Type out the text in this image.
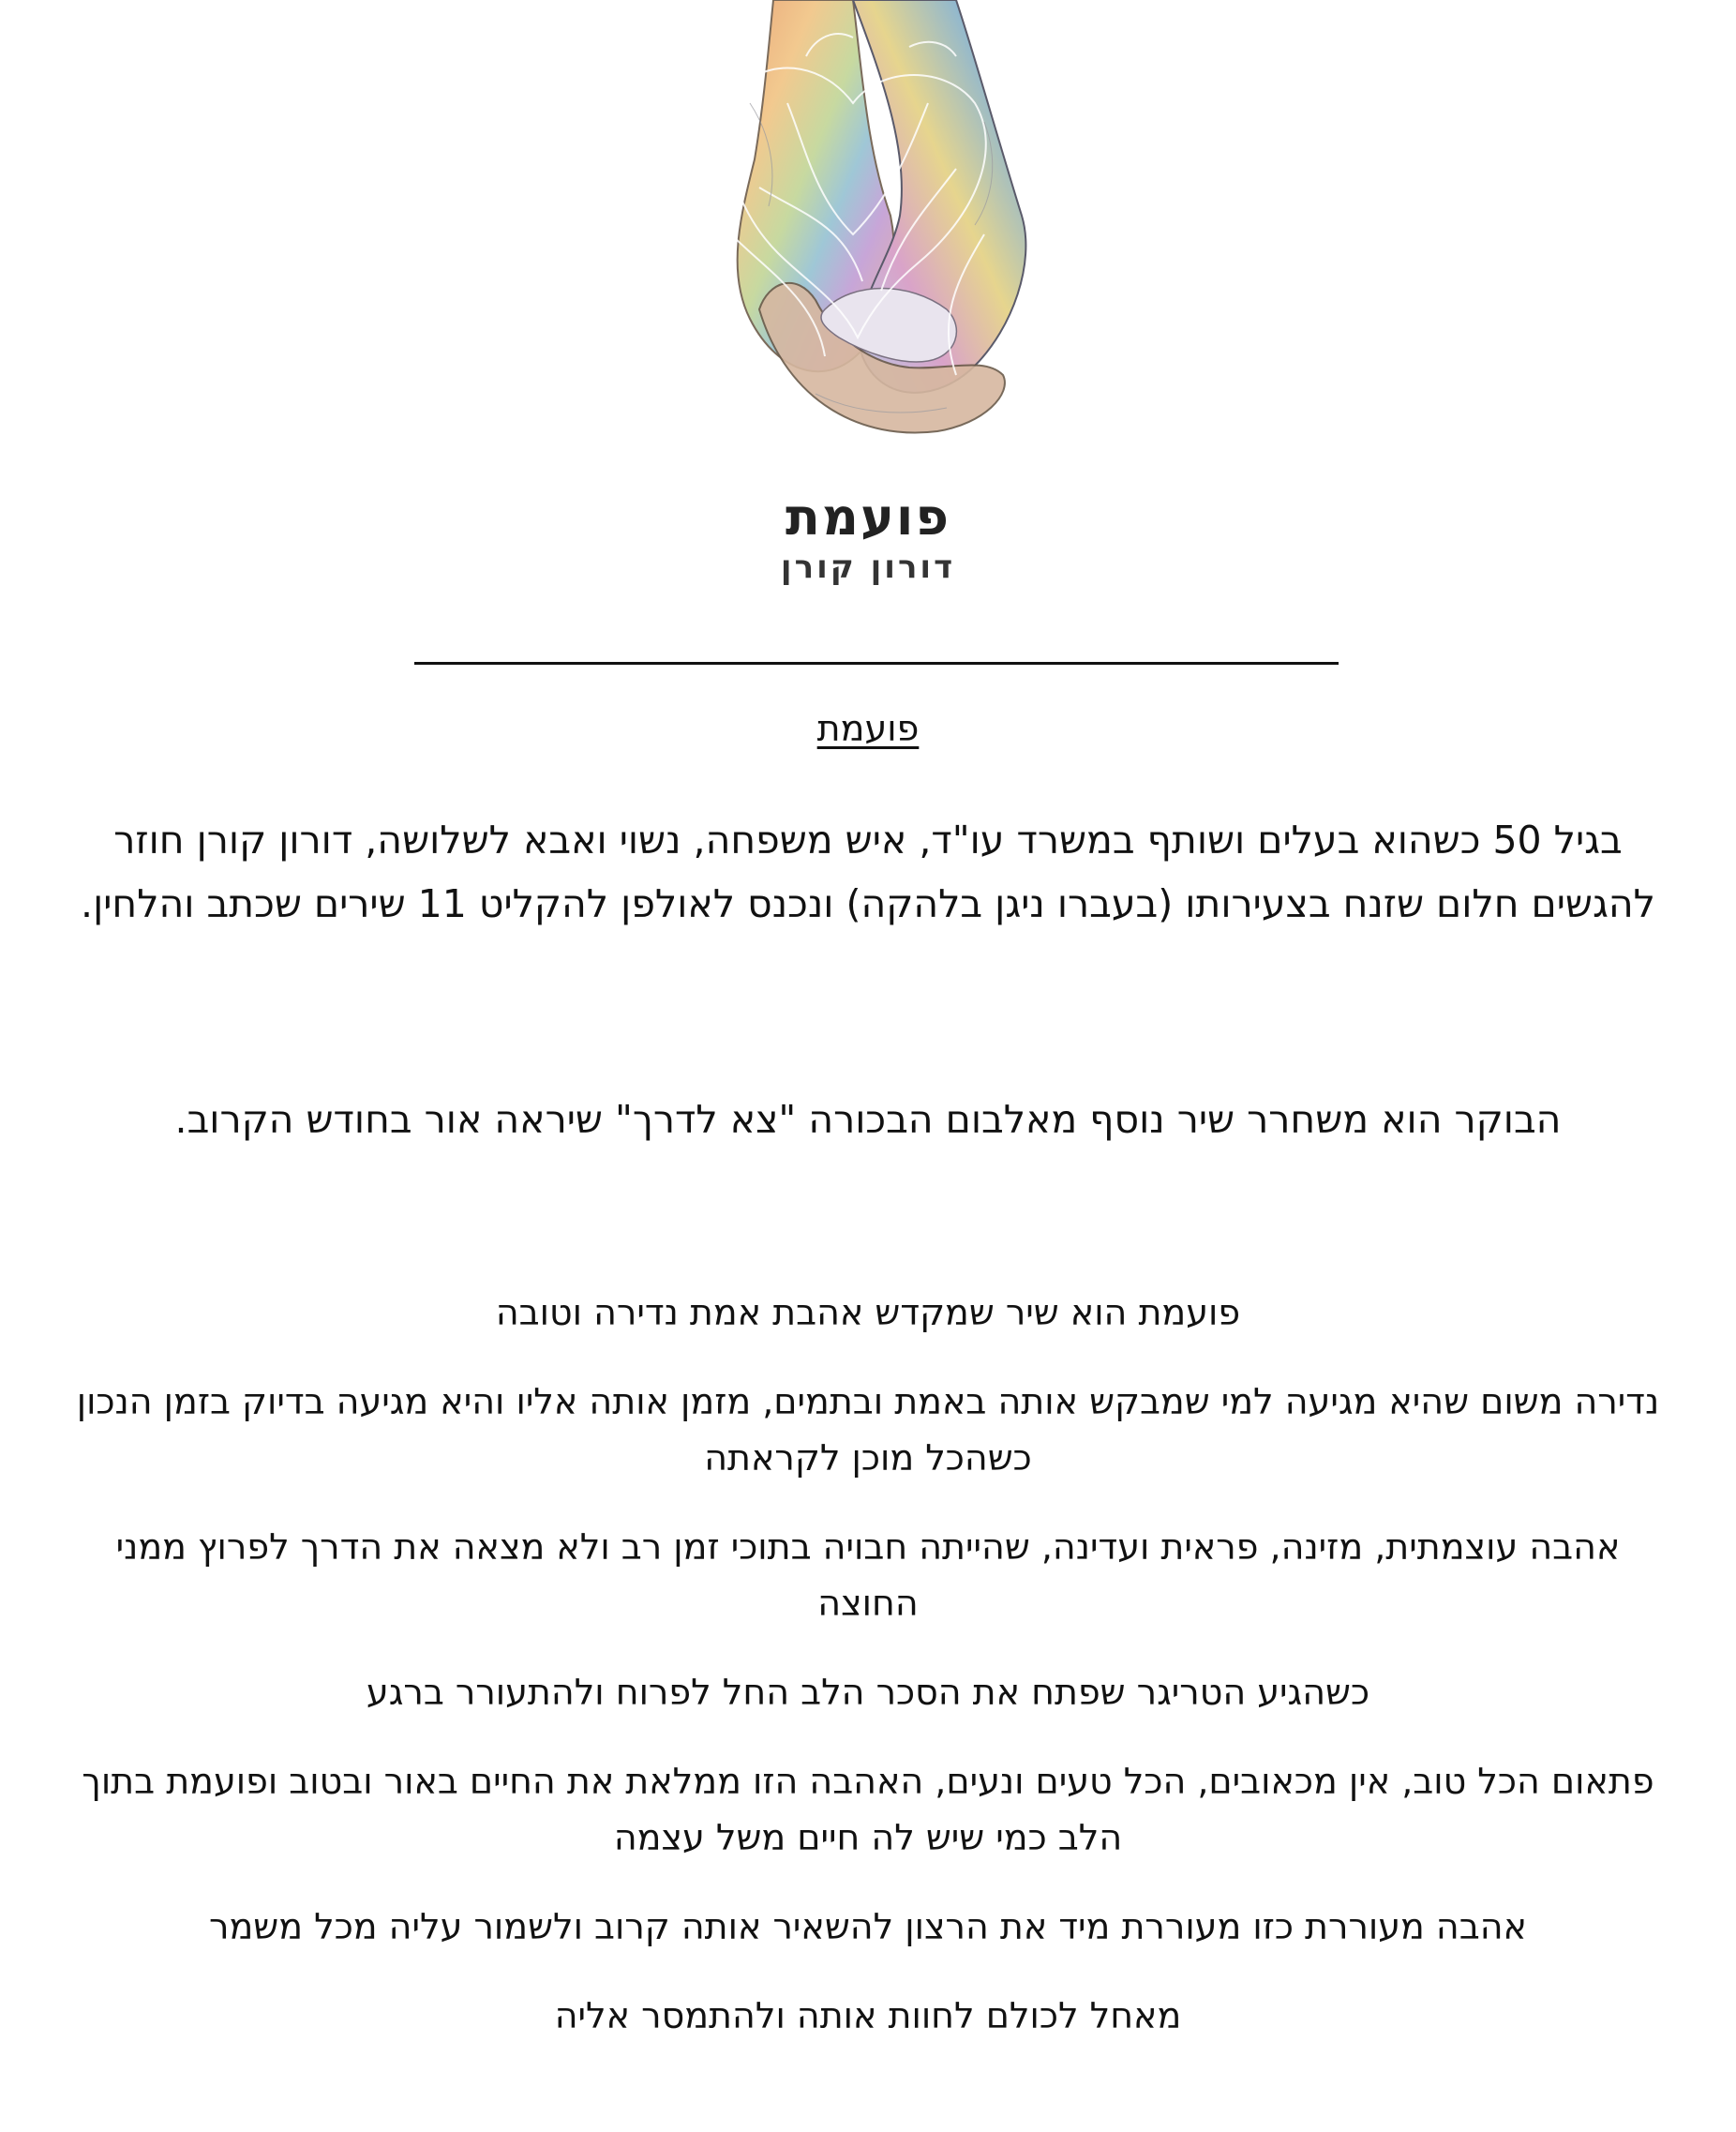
פועמת
דורון קורן
פועמת
בגיל 50 כשהוא בעלים ושותף במשרד עו"ד, איש משפחה, נשוי ואבא לשלושה, דורון קורן חוזר להגשים חלום שזנח בצעירותו (בעברו ניגן בלהקה) ונכנס לאולפן להקליט 11 שירים שכתב והלחין.
הבוקר הוא משחרר שיר נוסף מאלבום הבכורה "צא לדרך" שיראה אור בחודש הקרוב.

פועמת הוא שיר שמקדש אהבת אמת נדירה וטובה

נדירה משום שהיא מגיעה למי שמבקש אותה באמת ובתמים, מזמן אותה אליו והיא מגיעה בדיוק בזמן הנכון כשהכל מוכן לקראתה

אהבה עוצמתית, מזינה, פראית ועדינה, שהייתה חבויה בתוכי זמן רב ולא מצאה את הדרך לפרוץ ממני החוצה

כשהגיע הטריגר שפתח את הסכר הלב החל לפרוח ולהתעורר ברגע

פתאום הכל טוב, אין מכאובים, הכל טעים ונעים, האהבה הזו ממלאת את החיים באור ובטוב ופועמת בתוך הלב כמי שיש לה חיים משל עצמה

אהבה מעוררת כזו מעוררת מיד את הרצון להשאיר אותה קרוב ולשמור עליה מכל משמר

מאחל לכולם לחוות אותה ולהתמסר אליה
